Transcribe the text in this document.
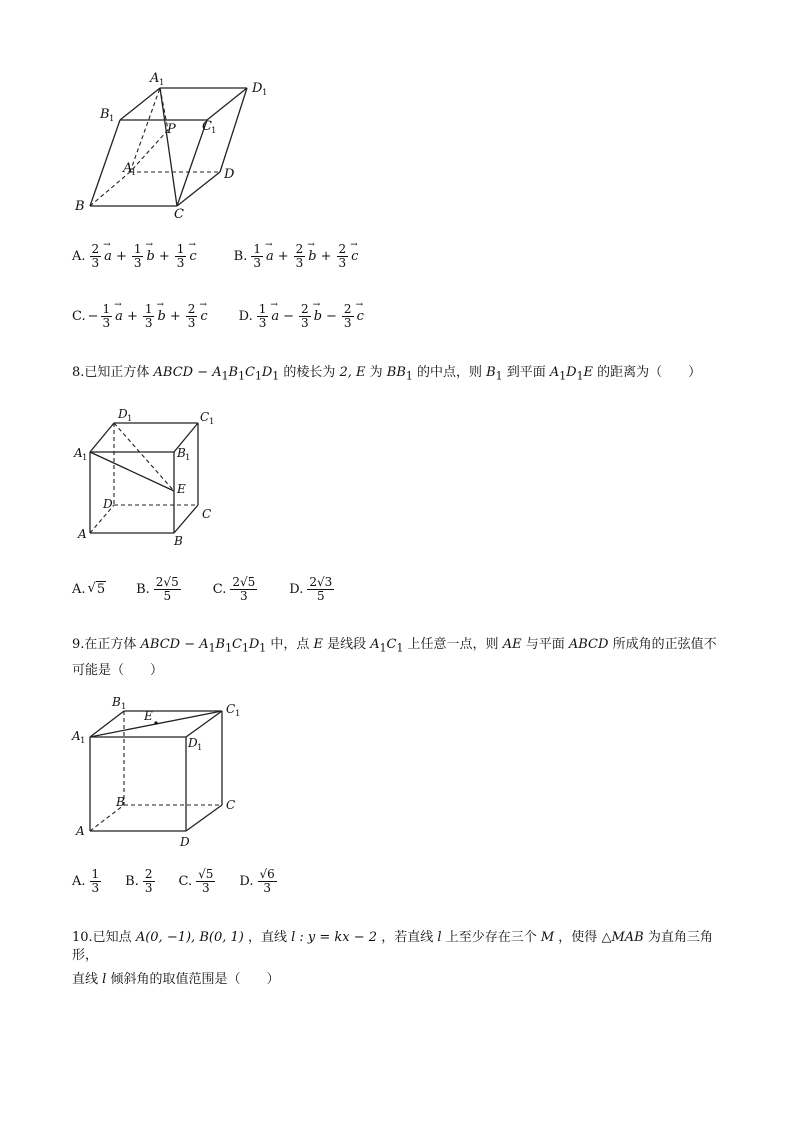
A 1
B 1
P C 1
D 1
A
1
B
C
D
A. $\frac{2}{3}$
→ $a + \frac{1}{3}$
→ $b + \frac{1}{3}$
→ c	B. $\frac{1}{3}$
→ $a + \frac{2}{3}$
→ $b + \frac{2}{3}$
→ c
C. − $\frac{1}{3}$
→ $a + \frac{1}{3}$
→ $b + \frac{2}{3}$
→ c D. $\frac{1}{3}$
→ $a - \frac{2}{3}$
→ $b - \frac{2}{3}$
→ c
8.已知正方体 ABCD − $A_1B_1C_1D_1$ 的棱长为 2, E 为 $BB_1$ 的中点，则 $B_1$ 到平面 $A_1D_1E$ 的距离为（　　）
D 1	C 1
A 1	B 1
E
D
C
A	B
A. √ 5 B. $\frac{2√5}{5} C$. $\frac{2√5}{3} D$. $\frac{2√3}{5}$
9.在正方体 ABCD − $A_1B_1C_1D_1$ 中，点 E 是线段 $A_1C_1$ 上任意一点，则 AE 与平面 ABCD 所成角的正弦值不
可能是（　　）
B 1	C 1
E
A 1	D 1
B	C
A
D
A. $\frac{1}{3} B$. $\frac{2}{3} C$. $\frac{√5}{3} D$. $\frac{√6}{3}$
10.已知点 A(0, −1), B(0, 1) ，直线 l : y = kx − 2 ，若直线 l 上至少存在三个 M ，使得 △MAB 为直角三角形，
直线 l 倾斜角的取值范围是（　　）
